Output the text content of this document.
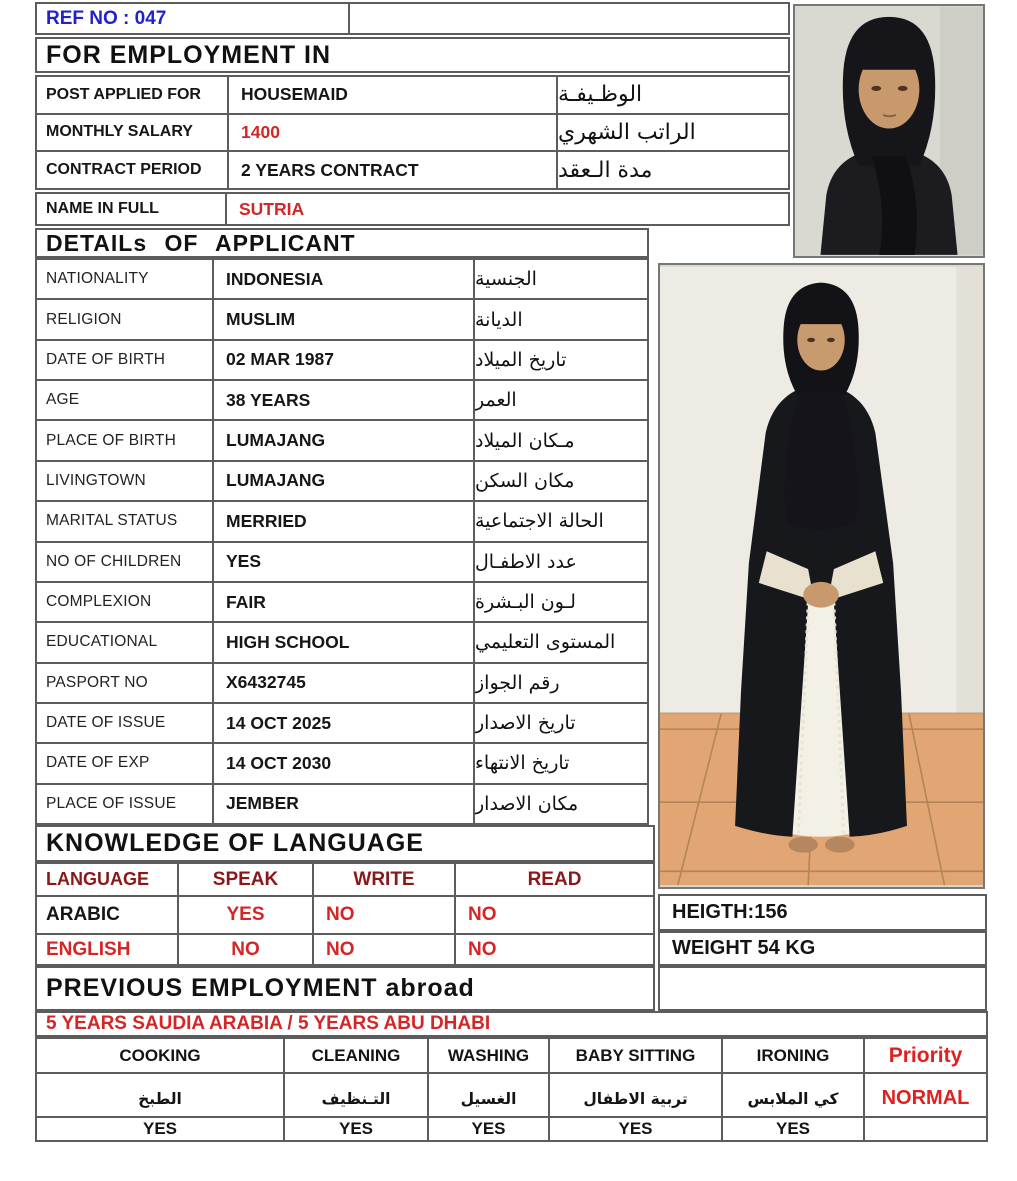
REF NO : 047
FOR EMPLOYMENT IN
POST APPLIED FOR	HOUSEMAID	الوظـيفـة
MONTHLY SALARY	1400	الراتب الشهري
CONTRACT PERIOD	2 YEARS CONTRACT	مدة الـعقد
NAME IN FULL	SUTRIA
DETAILs OF APPLICANT
NATIONALITY	INDONESIA	الجنسية
RELIGION	MUSLIM	الديانة
DATE OF BIRTH	02 MAR 1987	تاريخ الميلاد
AGE	38 YEARS	العمر
PLACE OF BIRTH	LUMAJANG	مـكان الميلاد
LIVINGTOWN	LUMAJANG	مكان السكن
MARITAL STATUS	MERRIED	الحالة الاجتماعية
NO OF CHILDREN	YES	عدد الاطفـال
COMPLEXION	FAIR	لـون البـشرة
EDUCATIONAL	HIGH SCHOOL	المستوى التعليمي
PASPORT NO	X6432745	رقم الجواز
DATE OF ISSUE	14 OCT 2025	تاريخ الاصدار
DATE OF EXP	14 OCT 2030	تاريخ الانتهاء
PLACE OF ISSUE	JEMBER	مكان الاصدار
KNOWLEDGE OF LANGUAGE
LANGUAGE	SPEAK	WRITE	READ
ARABIC	YES	NO	NO
ENGLISH	NO	NO	NO
HEIGTH:156
WEIGHT 54 KG
PREVIOUS EMPLOYMENT abroad
5 YEARS SAUDIA ARABIA / 5 YEARS ABU DHABI
COOKING	CLEANING	WASHING	BABY SITTING	IRONING	Priority
الطبخ	التـنظيف	الغسيل	تربية الاطفال	كي الملابس	NORMAL
YES	YES	YES	YES	YES
